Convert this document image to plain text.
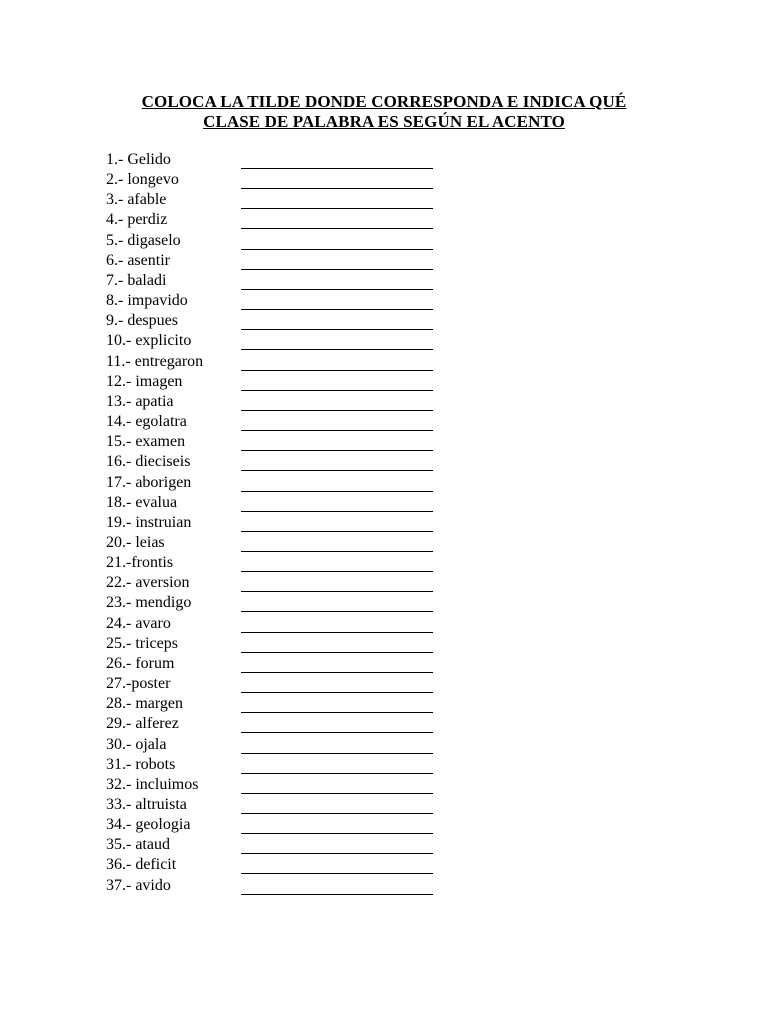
COLOCA LA TILDE DONDE CORRESPONDA E INDICA QUÉ
CLASE DE PALABRA ES SEGÚN EL ACENTO
1.- Gelido
2.- longevo
3.- afable
4.- perdiz
5.- digaselo
6.- asentir
7.- baladi
8.- impavido
9.- despues
10.- explicito
11.- entregaron
12.- imagen
13.- apatia
14.- egolatra
15.- examen
16.- dieciseis
17.- aborigen
18.- evalua
19.- instruian
20.- leias
21.-frontis
22.- aversion
23.- mendigo
24.- avaro
25.- triceps
26.- forum
27.-poster
28.- margen
29.- alferez
30.- ojala
31.- robots
32.- incluimos
33.- altruista
34.- geologia
35.- ataud
36.- deficit
37.- avido
